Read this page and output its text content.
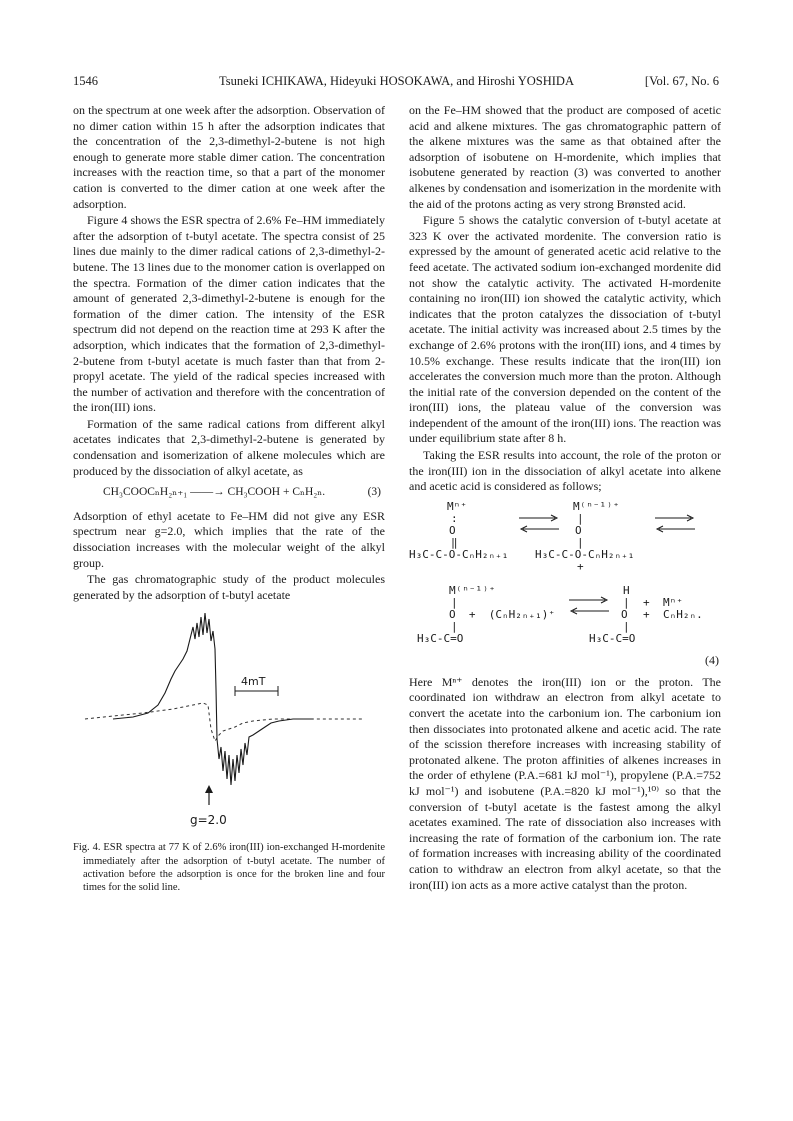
1546	Tsuneki ICHIKAWA, Hideyuki HOSOKAWA, and Hiroshi YOSHIDA	[Vol. 67, No. 6

on the spectrum at one week after the adsorption. Observation of no dimer cation within 15 h after the adsorption indicates that the concentration of the 2,3-dimethyl-2-butene is not high enough to generate more stable dimer cation. The concentration increases with the reaction time, so that a part of the monomer cation is converted to the dimer cation at one week after the adsorption.

Figure 4 shows the ESR spectra of 2.6% Fe–HM immediately after the adsorption of t-butyl acetate. The spectra consist of 25 lines due mainly to the dimer radical cations of 2,3-dimethyl-2-butene. The 13 lines due to the monomer cation is overlapped on the spectra. Formation of the dimer cation indicates that the amount of generated 2,3-dimethyl-2-butene is enough for the formation of the dimer cation. The intensity of the ESR spectrum did not depend on the reaction time at 293 K after the adsorption, which indicates that the formation of 2,3-dimethyl-2-butene from t-butyl acetate is much faster than that from 2-propyl acetate. The yield of the radical species increased with the number of activation and therefore with the concentration of the iron(III) ions.

Formation of the same radical cations from different alkyl acetates indicates that 2,3-dimethyl-2-butene is generated by condensation and isomerization of alkene molecules which are produced by the dissociation of alkyl acetate, as

CH₃COOCₙH₂ₙ₊₁ ——→ CH₃COOH + CₙH₂ₙ.	(3)

Adsorption of ethyl acetate to Fe–HM did not give any ESR spectrum near g=2.0, which implies that the rate of the dissociation increases with the molecular weight of the alkyl group.

The gas chromatographic study of the product molecules generated by the adsorption of t-butyl acetate

4mT
g=2.0
Fig. 4. ESR spectra at 77 K of 2.6% iron(III) ion-exchanged H-mordenite immediately after the adsorption of t-butyl acetate. The number of activation before the adsorption is once for the broken line and four times for the solid line.

on the Fe–HM showed that the product are composed of acetic acid and alkene mixtures. The gas chromatographic pattern of the alkene mixtures was the same as that obtained after the adsorption of isobutene on H-mordenite, which implies that isobutene generated by reaction (3) was converted to another alkenes by condensation and isomerization in the mordenite with the aid of the protons acting as very strong Brønsted acid.

Figure 5 shows the catalytic conversion of t-butyl acetate at 323 K over the activated mordenite. The conversion ratio is expressed by the amount of generated acetic acid relative to the feed acetate. The activated sodium ion-exchanged mordenite did not show the catalytic activity. The activated H-mordenite containing no iron(III) ion showed the catalytic activity, which indicates that the proton catalyzes the dissociation of t-butyl acetate. The initial activity was increased about 2.5 times by the exchange of 2.6% protons with the iron(III) ions, and 4 times by 10.5% exchange. These results indicate that the iron(III) ion accelerates the conversion much more than the proton. Although the initial rate of the conversion depended on the content of the iron(III) ions, the plateau value of the conversion was independent of the amount of the iron(III) ions. The reaction was under equilibrium state after 8 h.

Taking the ESR results into account, the role of the proton or the iron(III) ion in the dissociation of alkyl acetate into alkene and acetic acid is considered as follows;

Mⁿ⁺	M⁽ⁿ⁻¹⁾⁺
:	|
O	O
‖	|
H₃C-C-O-CₙH₂ₙ₊₁ H₃C-C-O-CₙH₂ₙ₊₁
+
M⁽ⁿ⁻¹⁾⁺
|
O  +  (CₙH₂ₙ₊₁)⁺
|
H₃C-C=O
H
|
O
|
H₃C-C=O
+
+
Mⁿ⁺
CₙH₂ₙ.
(4)

Here Mⁿ⁺ denotes the iron(III) ion or the proton. The coordinated ion withdraw an electron from alkyl acetate to convert the acetate into the carbonium ion. The carbonium ion then dissociates into protonated alkene and acetic acid. The rate of the scission therefore increases with increasing stability of protonated alkene. The proton affinities of alkenes increases in the order of ethylene (P.A.=681 kJ mol⁻¹), propylene (P.A.=752 kJ mol⁻¹) and isobutene (P.A.=820 kJ mol⁻¹),¹⁰⁾ so that the conversion of t-butyl acetate is the fastest among the alkyl acetates examined. The rate of dissociation also increases with increasing the rate of formation of the carbonium ion. The rate of formation increases with increasing ability of the coordinated cation to withdraw an electron from alkyl acetate, so that the iron(III) ion acts as a more active catalyst than the proton.
